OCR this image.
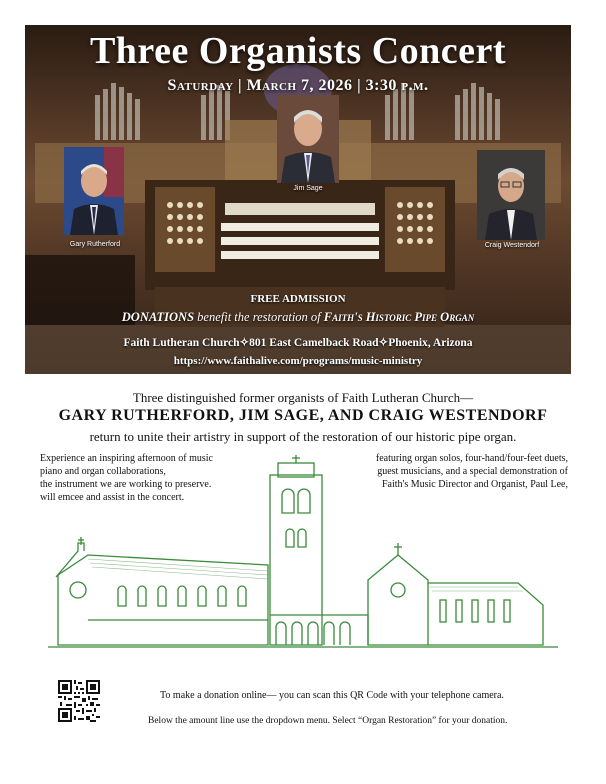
Three Organists Concert
Saturday | March 7, 2026 | 3:30 p.m.
Gary Rutherford
Jim Sage
Craig Westendorf
FREE ADMISSION
DONATIONS benefit the restoration of Faith's Historic Pipe Organ
Faith Lutheran Church✧801 East Camelback Road✧Phoenix, Arizona
https://www.faithalive.com/programs/music-ministry
Three distinguished former organists of Faith Lutheran Church—
GARY RUTHERFORD, JIM SAGE, AND CRAIG WESTENDORF
return to unite their artistry in support of the restoration of our historic pipe organ.
Experience an inspiring afternoon of music
piano and organ collaborations,
the instrument we are working to preserve.
will emcee and assist in the concert.
featuring organ solos, four-hand/four-feet duets,
guest musicians, and a special demonstration of
Faith's Music Director and Organist, Paul Lee,
To make a donation online— you can scan this QR Code with your telephone camera.
Below the amount line use the dropdown menu. Select “Organ Restoration” for your donation.
